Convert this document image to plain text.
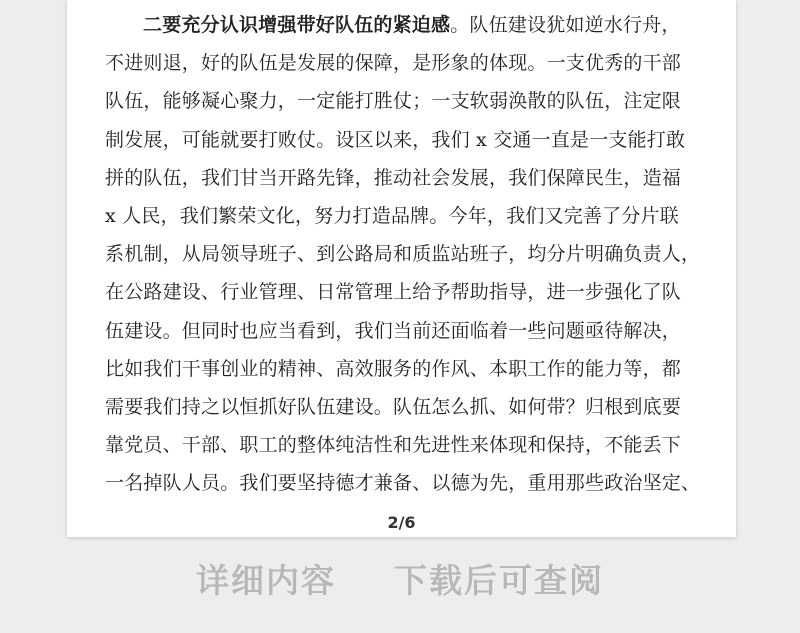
二要充分认识增强带好队伍的紧迫感。队伍建设犹如逆水行舟，
不进则退，好的队伍是发展的保障，是形象的体现。一支优秀的干部
队伍，能够凝心聚力，一定能打胜仗；一支软弱涣散的队伍，注定限
制发展，可能就要打败仗。设区以来，我们 x 交通一直是一支能打敢
拼的队伍，我们甘当开路先锋，推动社会发展，我们保障民生，造福
x 人民，我们繁荣文化，努力打造品牌。今年，我们又完善了分片联
系机制，从局领导班子、到公路局和质监站班子，均分片明确负责人，
在公路建设、行业管理、日常管理上给予帮助指导，进一步强化了队
伍建设。但同时也应当看到，我们当前还面临着一些问题亟待解决，
比如我们干事创业的精神、高效服务的作风、本职工作的能力等，都
需要我们持之以恒抓好队伍建设。队伍怎么抓、如何带？归根到底要
靠党员、干部、职工的整体纯洁性和先进性来体现和保持，不能丢下
一名掉队人员。我们要坚持德才兼备、以德为先，重用那些政治坚定、
2/6
详细内容 下载后可查阅
